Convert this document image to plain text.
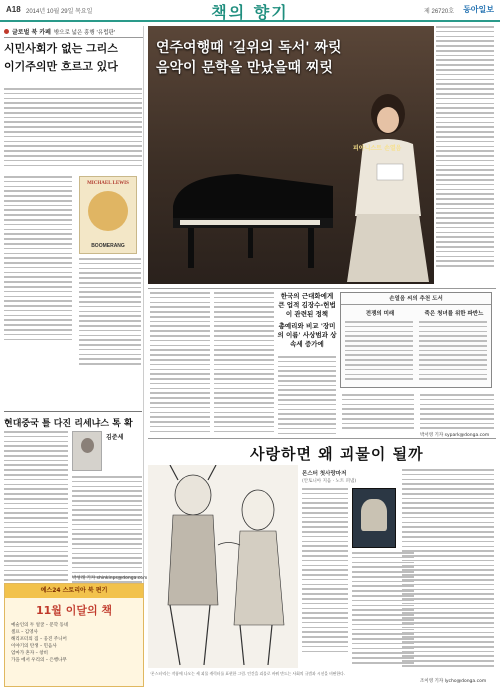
A18 2014년 10월 29일 목요일	책의 향기	제 26720호 동아일보
글로벌 북 카페 밖으로 넓은 흥행 '유럽판'
시민사회가 없는 그리스
이기주의만 흐르고 있다
MICHAEL LEWIS
BOOMERANG
현대중국 틀 다진 리세냐스 톡 확
김준세
예스24 스토리아 북 편기
11월 이달의 책
예술인의 두 얼굴 – 문학 동네
셀프 – 김영사
해리포터의 집 – 웅진 주니어
이야기의 탄생 – 민음사
엄마가 혼자 – 창비
가을 에서 우리의 – 은행나무
연주여행때 '길위의 독서' 짜릿
음악이 문학을 만났을때 찌릿
피아니스트 손열음
한국의 근대화에게 큰 업적 김장수-헌법이 관련된 정책
총예리와 비교 '장미의 이름' 사상범과 상속세 증가에
손열음 씨의 추천 도서
전쟁의 미래	죽은 청녀를 위한 파반느
박서영 기자 sypark@donga.com
사랑하면 왜 괴물이 될까
몬스터 첫사랑마저
(안토니아 지음 · 노트 펴냄)
조이영 기자 lycho@donga.com
박성래 기자 shinkinps@donga.com
'몬스터'라는 작품에 나오는 세 괴물 캐릭터를 표현한 그림. 인간을 괴물로 바꿔 만드는 사회의 규범과 시선을 비판한다.
